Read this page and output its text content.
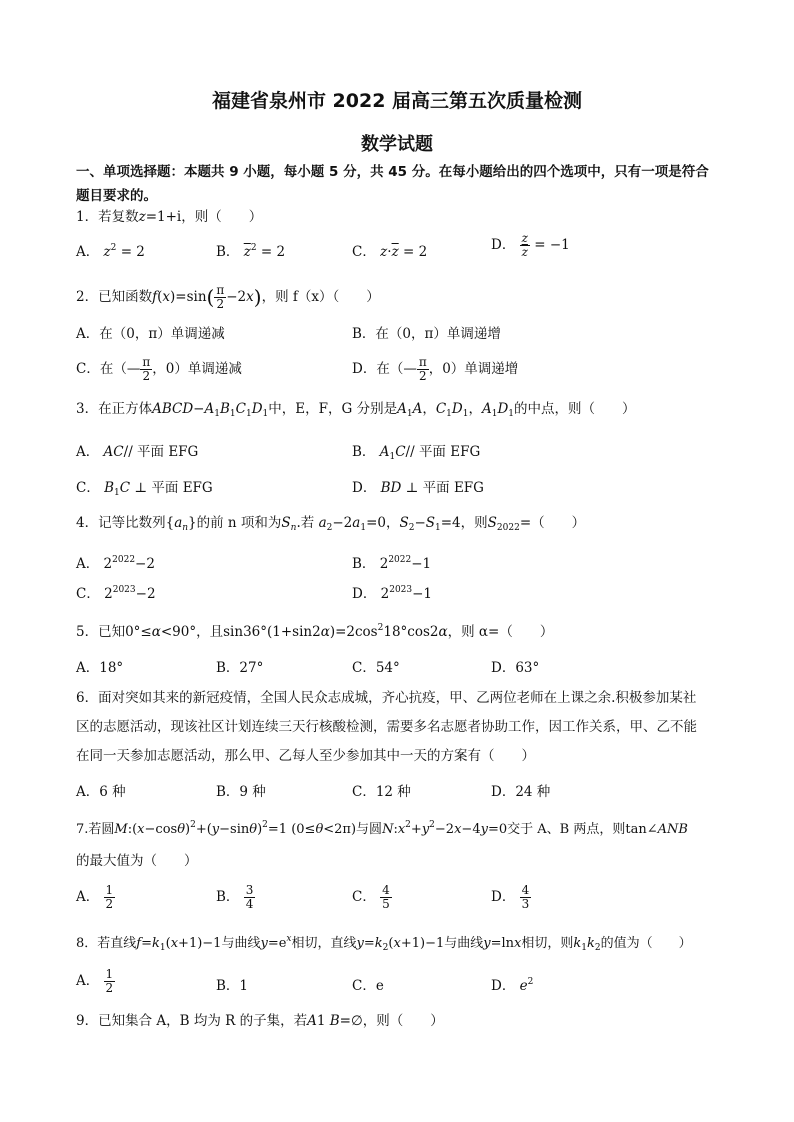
福建省泉州市 2022 届高三第五次质量检测
数学试题
一、单项选择题：本题共 9 小题，每小题 5 分，共 45 分。在每小题给出的四个选项中，只有一项是符合
题目要求的。
1．若复数z=1+i，则（　　）
A． $z^2 = 2$	B． $\overline{z}^2 = 2$	C． $z\cdot\overline{z} = 2$	D． $\frac{z}{z} = -1$
2．已知函数$f(x)=\sin( \frac{\pi}{2} -2x)$，则 f（x）（　　）
A．在（0，π）单调递减	B．在（0，π）单调递增
C．在（— $\frac{\pi}{2}$ ，0）单调递减	D．在（— $\frac{\pi}{2}$ ，0）单调递增
3．在正方体$ABCD-A_1B_1C_1D_1$中，E，F，G 分别是$A_1A$，$C_1D_1$，$A_1D_1$的中点，则（　　）
A． AC// 平面 EFG	B． $A_1C//$ 平面 EFG
C． $B_1C$ ⊥ 平面 EFG	D． BD ⊥ 平面 EFG
4．记等比数列$\{a_n\}$的前 n 项和为$S_n$.若 $a_2-2a_1=0$，$S_2-S_1=4$，则$S_{2022}=$（　　）
A． $2^{2022}-2$	B． $2^{2022}-1$
C． $2^{2023}-2$	D． $2^{2023}-1$
5．已知0°≤α<90°，且$\sin 36^\circ(1+\sin 2\alpha)=2\cos^218^\circ\cos 2\alpha$，则 α=（　　）
A．18°	B．27°	C．54°	D．63°
6．面对突如其来的新冠疫情，全国人民众志成城，齐心抗疫，甲、乙两位老师在上课之余.积极参加某社
区的志愿活动，现该社区计划连续三天行核酸检测，需要多名志愿者协助工作，因工作关系，甲、乙不能
在同一天参加志愿活动，那么甲、乙每人至少参加其中一天的方案有（　　）
A．6 种	B．9 种	C．12 种	D．24 种
7.若圆$M:(x-\cos\theta)^2+(y-\sin\theta)^2=1$ (0≤θ<2π)与圆$N:x^2+y^2-2x-4y=0$交于 A、B 两点，则tan∠ANB
的最大值为（　　）
A． $\frac{1}{2}$	B． $\frac{3}{4}$	C． $\frac{4}{5}$	D． $\frac{4}{3}$
8．若直线$f=k_1(x+1)-1$与曲线$y=e^x$相切，直线$y=k_2(x+1)-1$与曲线y=lnx相切，则$k_1k_2$的值为（　　）
A． $\frac{1}{2}$	B．1	C．e	D． $e^2$
9．已知集合 A，B 均为 R 的子集，若A1 B=∅，则（　　）
